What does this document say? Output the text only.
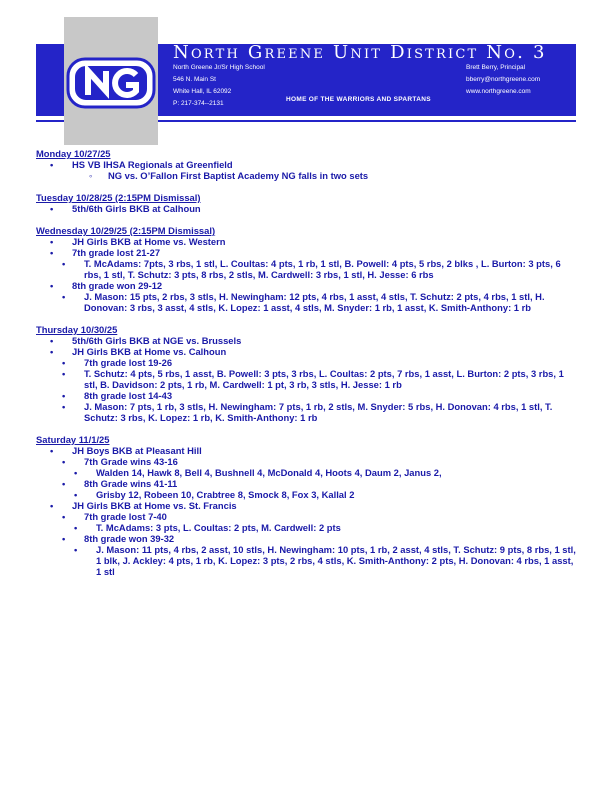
North Greene Unit District No. 3
North Greene Jr/Sr High School
546 N. Main St
White Hall, IL 62092
P: 217-374--2131
Brett Berry, Principal
bberry@northgreene.com
www.northgreene.com
HOME OF THE WARRIORS AND SPARTANS
Monday 10/27/25
• HS VB IHSA Regionals at Greenfield
◦ NG vs. O’Fallon First Baptist Academy NG falls in two sets
Tuesday 10/28/25 (2:15PM Dismissal)
• 5th/6th Girls BKB at Calhoun
Wednesday 10/29/25 (2:15PM Dismissal)
• JH Girls BKB at Home vs. Western
• 7th grade lost 21-27
• T. McAdams: 7pts, 3 rbs, 1 stl, L. Coultas: 4 pts, 1 rb, 1 stl, B. Powell: 4 pts, 5 rbs, 2 blks , L. Burton: 3 pts, 6 rbs, 1 stl, T. Schutz: 3 pts, 8 rbs, 2 stls, M. Cardwell: 3 rbs, 1 stl, H. Jesse: 6 rbs
• 8th grade won 29-12
• J. Mason: 15 pts, 2 rbs, 3 stls, H. Newingham: 12 pts, 4 rbs, 1 asst, 4 stls, T. Schutz: 2 pts, 4 rbs, 1 stl, H. Donovan: 3 rbs, 3 asst, 4 stls, K. Lopez: 1 asst, 4 stls, M. Snyder: 1 rb, 1 asst, K. Smith-Anthony: 1 rb
Thursday 10/30/25
• 5th/6th Girls BKB at NGE vs. Brussels
• JH Girls BKB at Home vs. Calhoun
• 7th grade lost 19-26
• T. Schutz: 4 pts, 5 rbs, 1 asst, B. Powell: 3 pts, 3 rbs, L. Coultas: 2 pts, 7 rbs, 1 asst, L. Burton: 2 pts, 3 rbs, 1 stl, B. Davidson: 2 pts, 1 rb, M. Cardwell: 1 pt, 3 rb, 3 stls, H. Jesse: 1 rb
• 8th grade lost 14-43
• J. Mason: 7 pts, 1 rb, 3 stls, H. Newingham: 7 pts, 1 rb, 2 stls, M. Snyder: 5 rbs, H. Donovan: 4 rbs, 1 stl, T. Schutz: 3 rbs, K. Lopez: 1 rb, K. Smith-Anthony: 1 rb
Saturday 11/1/25
• JH Boys BKB at Pleasant Hill
• 7th Grade wins 43-16
• Walden 14, Hawk 8, Bell 4, Bushnell 4, McDonald 4, Hoots 4, Daum 2, Janus 2,
• 8th Grade wins 41-11
• Grisby 12, Robeen 10, Crabtree 8, Smock 8, Fox 3, Kallal 2
• JH Girls BKB at Home vs. St. Francis
• 7th grade lost 7-40
• T. McAdams: 3 pts, L. Coultas: 2 pts, M. Cardwell: 2 pts
• 8th grade won 39-32
• J. Mason: 11 pts, 4 rbs, 2 asst, 10 stls, H. Newingham: 10 pts, 1 rb, 2 asst, 4 stls, T. Schutz: 9 pts, 8 rbs, 1 stl, 1 blk, J. Ackley: 4 pts, 1 rb, K. Lopez: 3 pts, 2 rbs, 4 stls, K. Smith-Anthony: 2 pts, H. Donovan: 4 rbs, 1 asst, 1 stl
